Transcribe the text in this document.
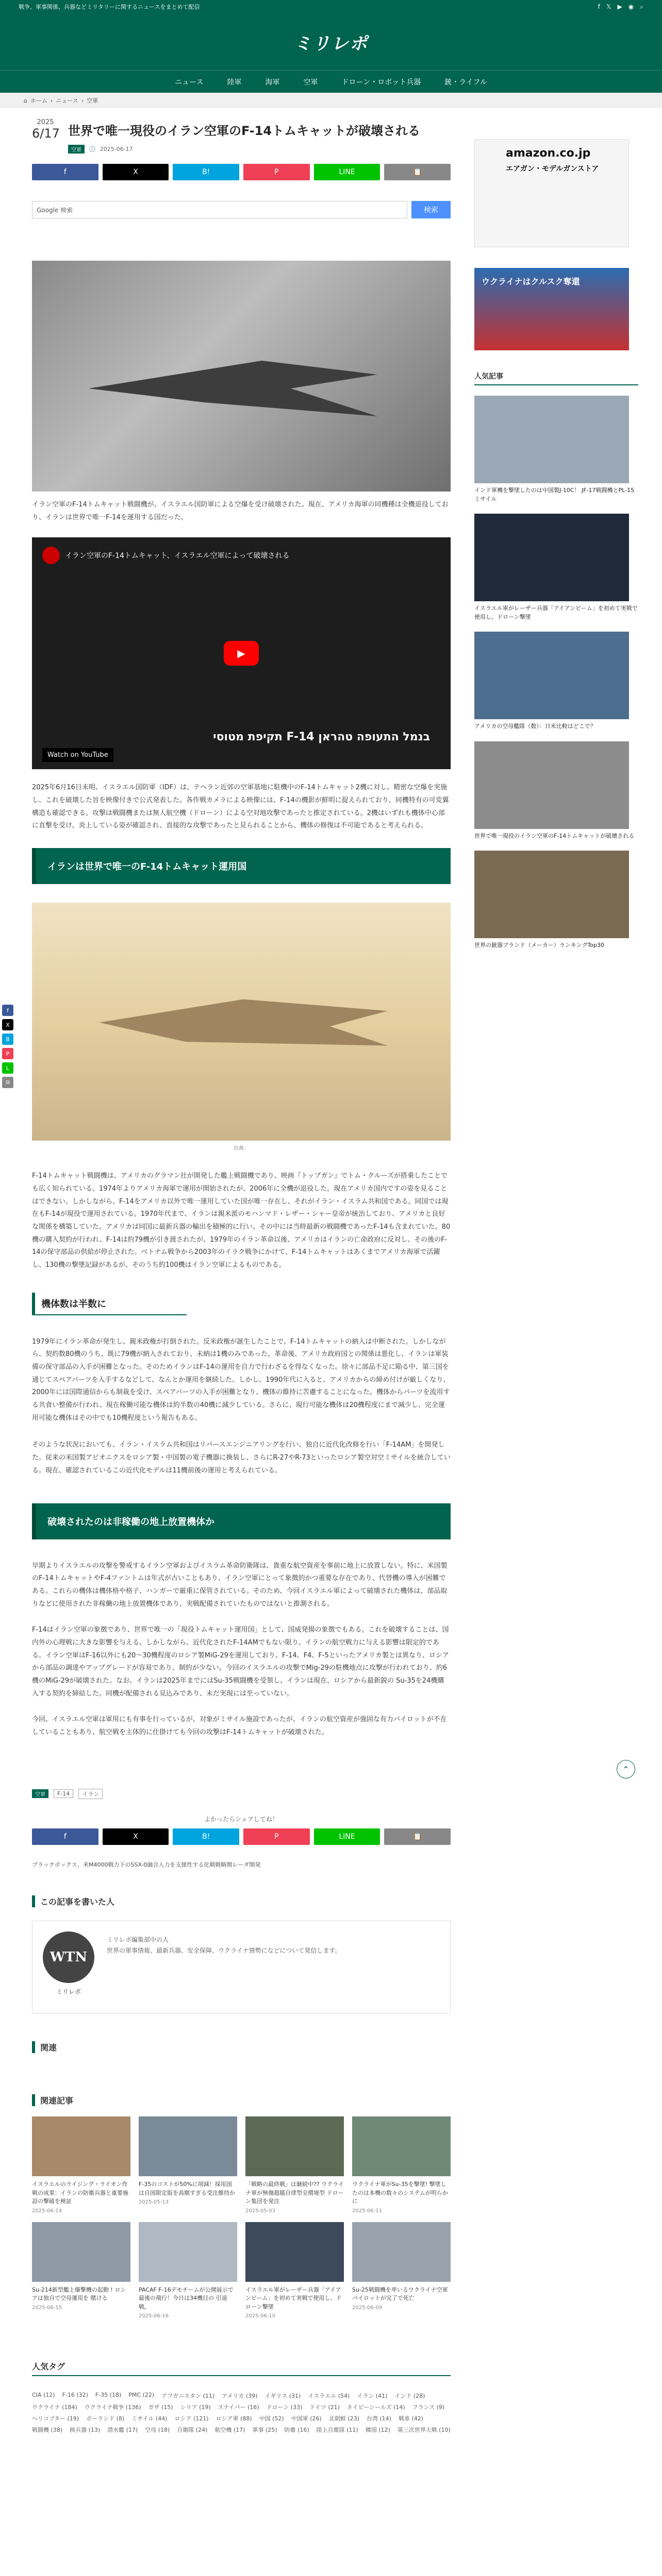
戦争、軍事関係、兵器などミリタリーに関するニュースをまとめて配信	f 𝕏 ▶ ◉ ⌕
ミリレポ
ニュース	陸軍	海軍	空軍	ドローン・ロボット兵器	銃・ライフル
⌂ ホーム › ニュース › 空軍
2025
6/17 世界で唯一現役のイラン空軍のF-14トムキャットが破壊される
空軍	🕓 2025-06-17
f	X	B!	P	LINE	📋
Google 検索	検索

イラン空軍のF-14トムキャット戦闘機が、イスラエル国防軍による空爆を受け破壊された。現在、アメリカ海軍の同機種は全機退役しており、イランは世界で唯一F-14を運用する国だった。

イラン空軍のF-14トムキャット、イスラエル空軍によって破壊される
▶
תקיפת מטוסי F-14 בנמל התעופה טהראן
Watch on YouTube

2025年6月16日未明、イスラエル国防軍（IDF）は、テヘラン近郊の空軍基地に駐機中のF-14トムキャット2機に対し、精密な空爆を実施し、これを破壊した旨を映像付きで公式発表した。各作戦カメラによる映像には、F-14の機影が鮮明に捉えられており、同機特有の可変翼構造も確認できる。攻撃は戦闘機または無人航空機（ドローン）による空対地攻撃であったと推定されている。2機はいずれも機体中心部に直撃を受け、炎上している姿が確認され、直接的な攻撃であったと見られることから、機体の修復は不可能であると考えられる。

イランは世界で唯一のF-14トムキャット運用国
出典：

F-14トムキャット戦闘機は、アメリカのグラマン社が開発した艦上戦闘機であり、映画『トップガン』でトム・クルーズが搭乗したことでも広く知られている。1974年よりアメリカ海軍で運用が開始されたが、2006年に全機が退役した。現在アメリカ国内ですの姿を見ることはできない。しかしながら、F-14をアメリカ以外で唯一運用していた国が唯一存在し、それがイラン・イスラム共和国である。同国では現在もF-14が現役で運用されている。1970年代まで、イランは親米派のモハンマド・レザー・シャー皇帝が統治しており、アメリカと良好な関係を構築していた。アメリカは同国に最新兵器の輸出を積極的に行い、その中には当時最新の戦闘機であったF-14も含まれていた。80機の購入契約が行われ、F-14は約79機が引き渡されたが、1979年のイラン革命以後、アメリカはイランの亡命政府に反対し、その後のF-14の保守部品の供給が停止された。ベトナム戦争から2003年のイラク戦争にかけて、F-14トムキャットはあくまでアメリカ海軍で活躍し、130機の撃墜記録があるが、そのうち約100機はイラン空軍によるものである。

機体数は半数に

1979年にイラン革命が発生し、親米政権が打倒された。反米政権が誕生したことで、F-14トムキャットの納入は中断された。しかしながら、契約数80機のうち、既に79機が納入されており、未納は1機のみであった。革命後、アメリカ政府国との関係は悪化し、イランは軍装備の保守部品の入手が困難となった。そのためイランはF-14の運用を自力で行わざるを得なくなった。徐々に部品不足に陥る中、第三国を通じてスペアパーツを入手するなどして、なんとか運用を継続した。しかし、1990年代に入ると、アメリカからの締め付けが厳しくなり、2000年には国際通信からも制裁を受け、スペアパーツの入手が困難となり、機体の維持に苦慮することになった。機体からパーツを流用する共食い整備が行われ、現在稼働可能な機体は約半数の40機に減少している。さらに、現行可能な機体は20機程度にまで減少し、完全運用可能な機体はその中でも10機程度という報告もある。

そのような状況においても、イラン・イスラム共和国はリバースエンジニアリングを行い、独自に近代化改修を行い「F-14AM」を開発した。従来の米国製アビオニクスをロシア製・中国製の電子機器に換装し、さらにR-27やR-73といったロシア製空対空ミサイルを統合している。現在、確認されているこの近代化モデルは11機前後の運用と考えられている。

破壊されたのは非稼働の地上放置機体か

早期よりイスラエルの攻撃を警戒するイラン空軍およびイスラム革命防衛隊は、貴重な航空資産を事前に地上に放置しない。特に、米国製のF-14トムキャットやF-4ファントムは年式が古いこともあり、イラン空軍にとって象徴的かつ重要な存在であり、代替機の導入が困難である。これらの機体は機体格や格子、ハンガーで厳重に保管されている。そのため、今回イスラエル軍によって破壊された機体は、部品取りなどに使用された非稼働の地上放置機体であり、実戦配備されていたものではないと推測される。

F-14はイラン空軍の象徴であり、世界で唯一の「現役トムキャット運用国」として、国威発揚の象徴でもある。これを破壊することは、国内外の心理戦に大きな影響を与える。しかしながら、近代化されたF-14AMでもない限り、イランの航空戦力に与える影響は限定的である。イラン空軍はF-16以外にも20〜30機程度のロシア製MiG-29を運用しており、F-14、F4、F-5といったアメリカ製とは異なり、ロシアから部品の調達やアップグレードが容易であり、制約が少ない。今回のイスラエルの攻撃でMig-29の駐機地点に攻撃が行われており、約6機のMiG-29が破壊された。なお、イランは2025年までにはSu-35戦闘機を受領し、イランは現在、ロシアから最新鋭の Su-35を24機購入する契約を締結した。同機が配備される見込みであり、未だ実現には至っていない。

今回、イスラエル空軍は軍用にも有事を行っているが、対象がミサイル施設であったが、イランの航空資産が強固な有力パイロットが不在していることもあり、航空戦を主体的に仕掛けても今回の攻撃はF-14トムキャットが破壊された。

空軍	F-14	イラン
よかったらシェアしてね！
f	X	B!	P	LINE	📋
ブラックボックス、米M4000戦力下のSSX-0融合入力を支援性する化戦戦略開レーダ開発
この記事を書いた人
WTN
ミリレポ
ミリレポ編集部中の人
世界の軍事情報、最新兵器、安全保障、ウクライナ情勢になどについて発信します。
関連
関連記事
イスラエルのライジング・ライオン作戦の成果：イランの防衛兵器と重要施設の撃破を検証
2025-06-14
F-35のコストが50%に削減！採用国は自国限定版を高額すぎる受注維持か
2025-05-13
「戦略の最終戦」は継続中?? ウクライナ軍が無傷超越自律型全環境型 ドローン集団を発注
2025-05-03
ウクライナ軍がSu-35を撃墜! 撃墜したのは本機の数々のシステムが明らかに
2025-06-11
Su-214新型艦上爆撃機の起動 ! ロシアは独自で空母運用を 賭ける
2025-06-15
PACAF F-16デモチームが公開展示で最後の飛行！今日は34機目の 引退戦。
2025-06-16
イスラエル軍がレーザー兵器「アイアンビーム」を初めて実戦で使用し、ドローン撃墜
2025-06-10
Su-25戦闘機を率いるウクライナ空軍パイロットが完了で死亡
2025-06-09
人気タグ
CIA (12) F-16 (32) F-35 (18) PMC (22) アフガニスタン (11) アメリカ (39) イギリス (31) イスラエル (54) イラン (41) インド (28)
ウクライナ (184) ウクライナ戦争 (136) ガザ (15) シリア (19) スナイパー (16) ドローン (33) ドイツ (21) ネイビーシールズ (14) フランス (9)
ヘリコプター (19) ポーランド (8) ミサイル (44) ロシア (121) ロシア軍 (88) 中国 (52) 中国軍 (26) 北朝鮮 (23) 台湾 (14) 戦車 (42)
戦闘機 (38) 核兵器 (13) 潜水艦 (17) 空母 (18) 自衛隊 (24) 航空機 (17) 軍事 (25) 防衛 (16) 陸上自衛隊 (11) 韓国 (12) 第三次世界大戦 (10)
amazon.co.jp
エアガン・モデルガンストア
ウクライナはクルスク奪還
人気記事
インド軍機を撃墜したのは中国製J-10C！ JF-17戦闘機とPL-15ミサイル
イスラエル軍がレーザー兵器「アイアンビーム」を初めて実戦で使用し、ドローン撃墜
アメリカの空母艦隊（数）：日米比較はどこで？
世界で唯一現役のイラン空軍のF-14トムキャットが破壊される
世界の銃器ブランド（メーカー）ランキングTop30
f
X
B
P
L
⧉
⌃
